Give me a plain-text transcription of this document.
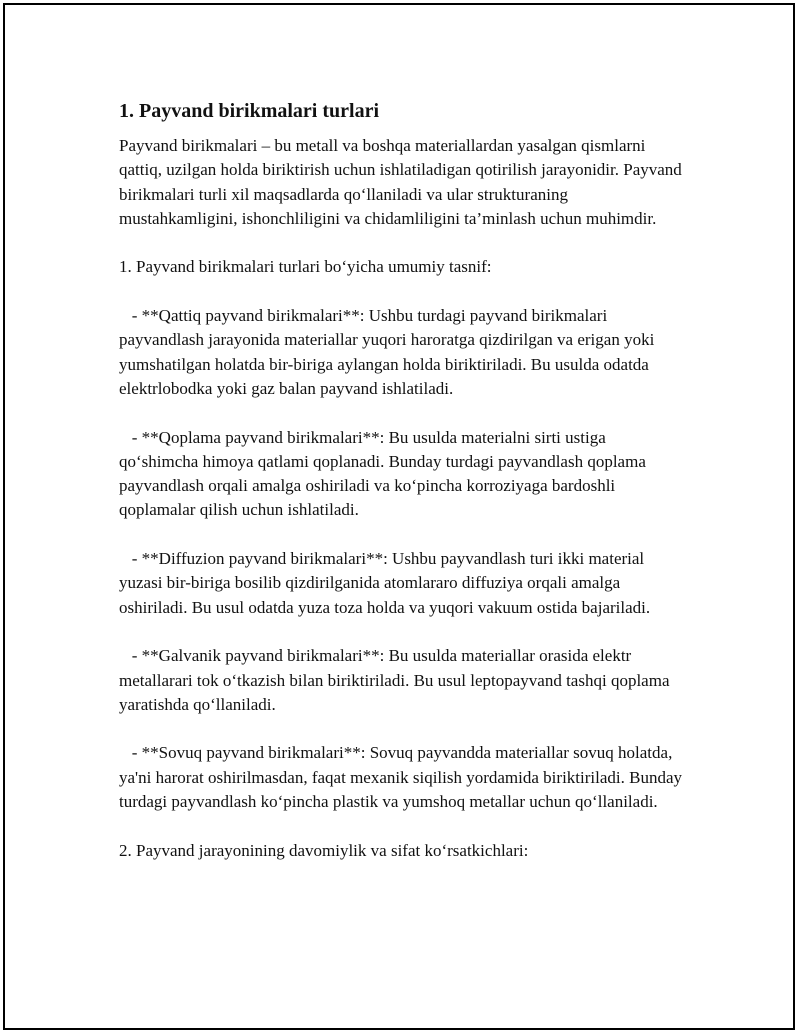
1. Payvand birikmalari turlari

Payvand birikmalari – bu metall va boshqa materiallardan yasalgan qismlarni qattiq, uzilgan holda biriktirish uchun ishlatiladigan qotirilish jarayonidir. Payvand birikmalari turli xil maqsadlarda qo‘llaniladi va ular strukturaning mustahkamligini, ishonchliligini va chidamliligini ta’minlash uchun muhimdir.

1. Payvand birikmalari turlari bo‘yicha umumiy tasnif:

- **Qattiq payvand birikmalari**: Ushbu turdagi payvand birikmalari payvandlash jarayonida materiallar yuqori haroratga qizdirilgan va erigan yoki yumshatilgan holatda bir-biriga aylangan holda biriktiriladi. Bu usulda odatda elektrlobodka yoki gaz balan payvand ishlatiladi.

- **Qoplama payvand birikmalari**: Bu usulda materialni sirti ustiga qo‘shimcha himoya qatlami qoplanadi. Bunday turdagi payvandlash qoplama payvandlash orqali amalga oshiriladi va ko‘pincha korroziyaga bardoshli qoplamalar qilish uchun ishlatiladi.

- **Diffuzion payvand birikmalari**: Ushbu payvandlash turi ikki material yuzasi bir-biriga bosilib qizdirilganida atomlararo diffuziya orqali amalga oshiriladi. Bu usul odatda yuza toza holda va yuqori vakuum ostida bajariladi.

- **Galvanik payvand birikmalari**: Bu usulda materiallar orasida elektr metallarari tok o‘tkazish bilan biriktiriladi. Bu usul leptopayvand tashqi qoplama yaratishda qo‘llaniladi.

- **Sovuq payvand birikmalari**: Sovuq payvandda materiallar sovuq holatda, ya'ni harorat oshirilmasdan, faqat mexanik siqilish yordamida biriktiriladi. Bunday turdagi payvandlash ko‘pincha plastik va yumshoq metallar uchun qo‘llaniladi.

2. Payvand jarayonining davomiylik va sifat ko‘rsatkichlari:
